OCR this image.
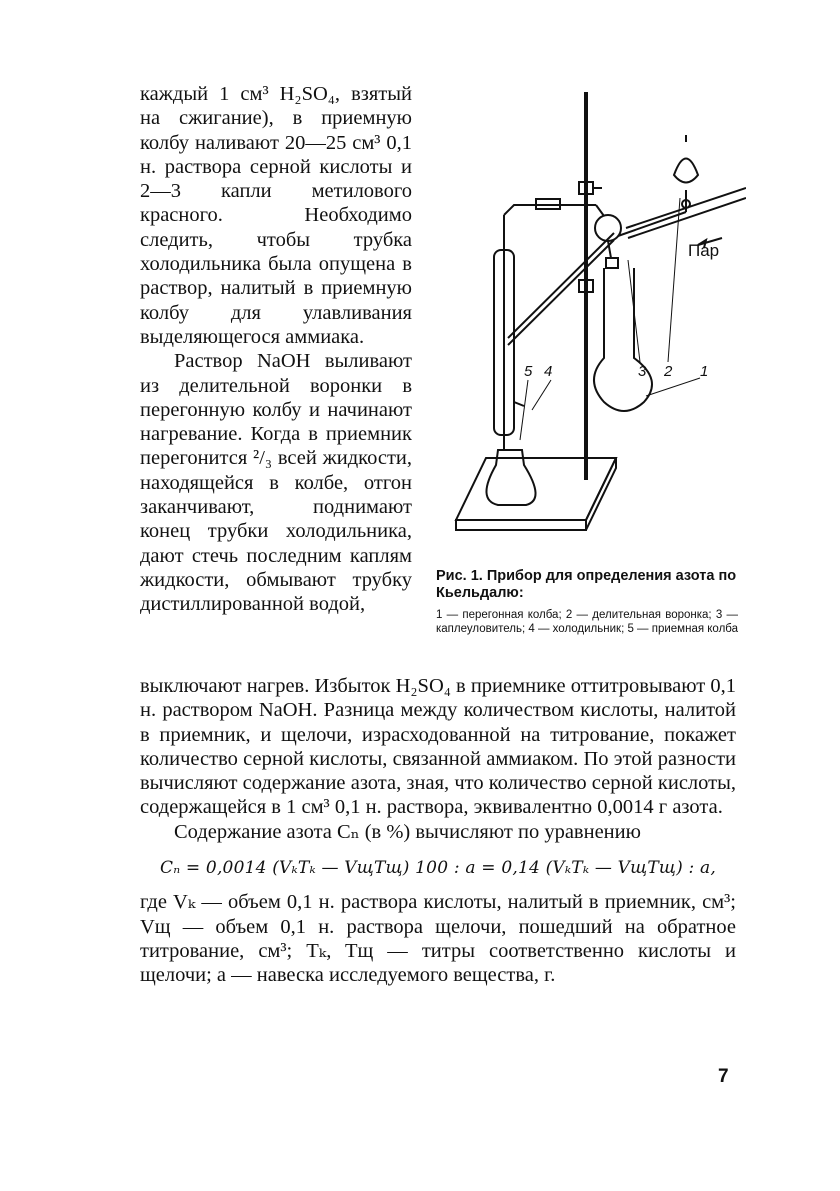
каждый 1 см³ H₂SO₄, взятый на сжигание), в приемную колбу наливают 20—25 см³ 0,1 н. раствора серной кислоты и 2—3 капли метилового красного. Необходимо следить, чтобы трубка холодильника была опущена в раствор, налитый в приемную колбу для улавливания выделяющегося аммиака.

Раствор NaOH выливают из делительной воронки в перегонную колбу и начинают нагревание. Когда в приемник перегонится ²/₃ всей жидкости, находящейся в колбе, отгон заканчивают, поднимают конец трубки холодильника, дают стечь последним каплям жидкости, обмывают трубку дистиллированной водой,

Пар
5 4	3 2 1

Рис. 1. Прибор для определения азота по Кьельдалю:

1 — перегонная колба; 2 — делительная воронка; 3 — каплеуловитель; 4 — холодильник; 5 — приемная колба

выключают нагрев. Избыток H₂SO₄ в приемнике оттитровывают 0,1 н. раствором NaOH. Разница между количеством кислоты, налитой в приемник, и щелочи, израсходованной на титрование, покажет количество серной кислоты, связанной аммиаком. По этой разности вычисляют содержание азота, зная, что количество серной кислоты, содержащейся в 1 см³ 0,1 н. раствора, эквивалентно 0,0014 г азота.

Содержание азота Cₙ (в %) вычисляют по уравнению

Cₙ = 0,0014 (VₖTₖ — VщTщ) 100 : a = 0,14 (VₖTₖ — VщTщ) : a,

где Vₖ — объем 0,1 н. раствора кислоты, налитый в приемник, см³; Vщ — объем 0,1 н. раствора щелочи, пошедший на обратное титрование, см³; Tₖ, Tщ — титры соответственно кислоты и щелочи; a — навеска исследуемого вещества, г.

7
